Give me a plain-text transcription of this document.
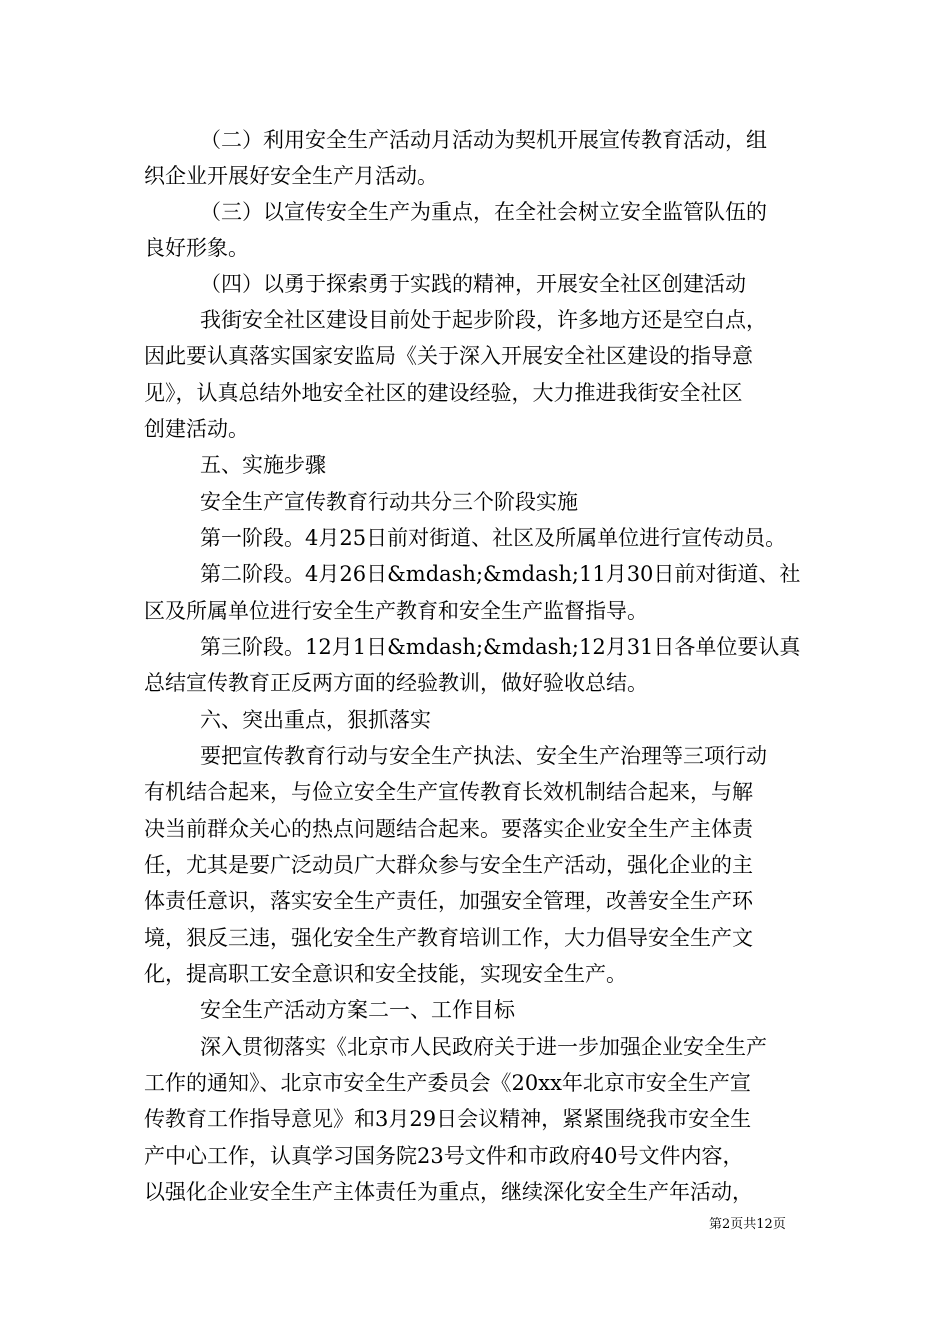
（二）利用安全生产活动月活动为契机开展宣传教育活动，组
织企业开展好安全生产月活动。
（三）以宣传安全生产为重点，在全社会树立安全监管队伍的
良好形象。
（四）以勇于探索勇于实践的精神，开展安全社区创建活动
我街安全社区建设目前处于起步阶段，许多地方还是空白点，
因此要认真落实国家安监局《关于深入开展安全社区建设的指导意
见》，认真总结外地安全社区的建设经验，大力推进我街安全社区
创建活动。
五、实施步骤
安全生产宣传教育行动共分三个阶段实施
第一阶段。4月25日前对街道、社区及所属单位进行宣传动员。
第二阶段。4月26日&mdash;&mdash;11月30日前对街道、社
区及所属单位进行安全生产教育和安全生产监督指导。
第三阶段。12月1日&mdash;&mdash;12月31日各单位要认真
总结宣传教育正反两方面的经验教训，做好验收总结。
六、突出重点，狠抓落实
要把宣传教育行动与安全生产执法、安全生产治理等三项行动
有机结合起来，与俭立安全生产宣传教育长效机制结合起来，与解
决当前群众关心的热点问题结合起来。要落实企业安全生产主体责
任，尤其是要广泛动员广大群众参与安全生产活动，强化企业的主
体责任意识，落实安全生产责任，加强安全管理，改善安全生产环
境，狠反三违，强化安全生产教育培训工作，大力倡导安全生产文
化，提高职工安全意识和安全技能，实现安全生产。
安全生产活动方案二一、工作目标
深入贯彻落实《北京市人民政府关于进一步加强企业安全生产
工作的通知》、北京市安全生产委员会《20xx年北京市安全生产宣
传教育工作指导意见》和3月29日会议精神，紧紧围绕我市安全生
产中心工作，认真学习国务院23号文件和市政府40号文件内容，
以强化企业安全生产主体责任为重点，继续深化安全生产年活动，
第2页共12页
